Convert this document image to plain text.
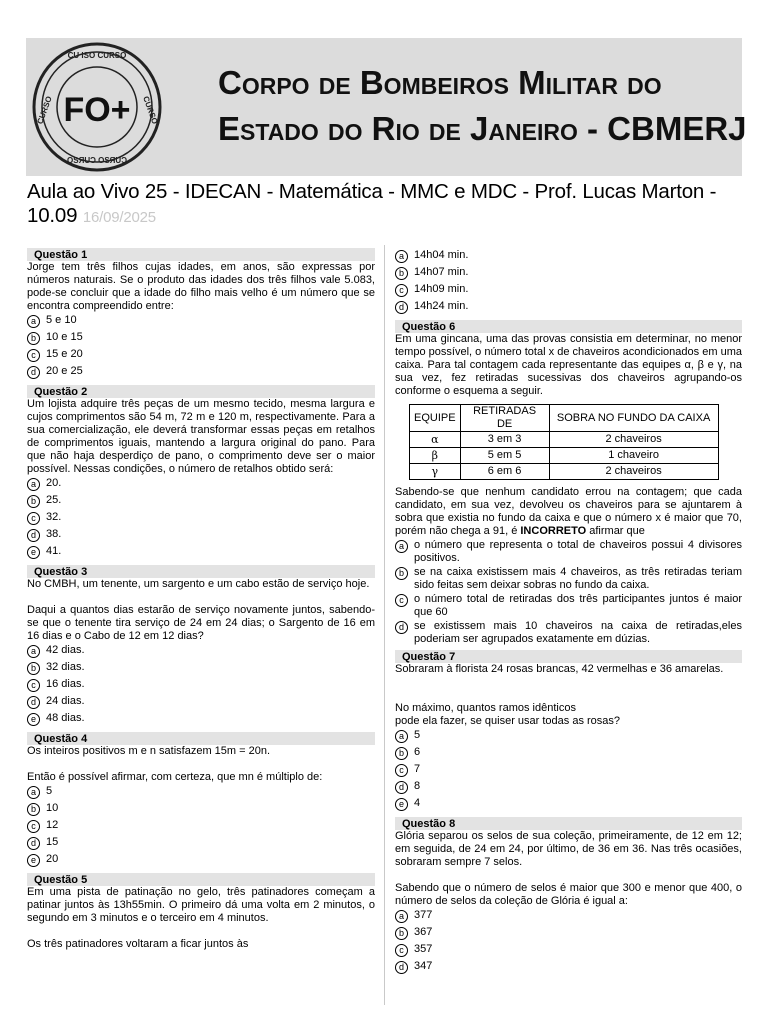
CU ISO CURSO
OSЯUƆ OSЯUƆ
CURSO	CURSO
FO+
Corpo de Bombeiros Militar do
Estado do Rio de Janeiro - CBMERJ
Aula ao Vivo 25 - IDECAN - Matemática - MMC e MDC - Prof. Lucas Marton - 10.09 16/09/2025
Questão 1

Jorge tem três filhos cujas idades, em anos, são expressas por números naturais. Se o produto das idades dos três filhos vale 5.083, pode-se concluir que a idade do filho mais velho é um número que se encontra compreendido entre:

a 5 e 10
b 10 e 15
c 15 e 20
d 20 e 25
Questão 2

Um lojista adquire três peças de um mesmo tecido, mesma largura e cujos comprimentos são 54 m, 72 m e 120 m, respectivamente. Para a sua comercialização, ele deverá transformar essas peças em retalhos de comprimentos iguais, mantendo a largura original do pano. Para que não haja desperdiço de pano, o comprimento deve ser o maior possível. Nessas condições, o número de retalhos obtido será:

a 20.
b 25.
c 32.
d 38.
e 41.
Questão 3

No CMBH, um tenente, um sargento e um cabo estão de serviço hoje.

Daqui a quantos dias estarão de serviço novamente juntos, sabendo-se que o tenente tira serviço de 24 em 24 dias; o Sargento de 16 em 16 dias e o Cabo de 12 em 12 dias?

a 42 dias.
b 32 dias.
c 16 dias.
d 24 dias.
e 48 dias.
Questão 4

Os inteiros positivos m e n satisfazem 15m = 20n.

Então é possível afirmar, com certeza, que mn é múltiplo de:

a 5
b 10
c 12
d 15
e 20
Questão 5

Em uma pista de patinação no gelo, três patinadores começam a patinar juntos às 13h55min. O primeiro dá uma volta em 2 minutos, o segundo em 3 minutos e o terceiro em 4 minutos.

Os três patinadores voltaram a ficar juntos às

a 14h04 min.
b 14h07 min.
c 14h09 min.
d 14h24 min.
Questão 6

Em uma gincana, uma das provas consistia em determinar, no menor tempo possível, o número total x de chaveiros acondicionados em uma caixa. Para tal contagem cada representante das equipes α, β e γ, na sua vez, fez retiradas sucessivas dos chaveiros agrupando-os conforme o esquema a seguir.

EQUIPE	RETIRADAS DE	SOBRA NO FUNDO DA CAIXA
α	3 em 3	2 chaveiros
β	5 em 5	1 chaveiro
γ	6 em 6	2 chaveiros

Sabendo-se que nenhum candidato errou na contagem; que cada candidato, em sua vez, devolveu os chaveiros para se ajuntarem à sobra que existia no fundo da caixa e que o número x é maior que 70, porém não chega a 91, é INCORRETO afirmar que

a o número que representa o total de chaveiros possui 4 divisores positivos.
b se na caixa existissem mais 4 chaveiros, as três retiradas teriam sido feitas sem deixar sobras no fundo da caixa.
c o número total de retiradas dos três participantes juntos é maior que 60
d se existissem mais 10 chaveiros na caixa de retiradas,eles poderiam ser agrupados exatamente em dúzias.
Questão 7

Sobraram à florista 24 rosas brancas, 42 vermelhas e 36 amarelas.

No máximo, quantos ramos idênticos

pode ela fazer, se quiser usar todas as rosas?

a 5
b 6
c 7
d 8
e 4
Questão 8

Glória separou os selos de sua coleção, primeiramente, de 12 em 12; em seguida, de 24 em 24, por último, de 36 em 36. Nas três ocasiões, sobraram sempre 7 selos.

Sabendo que o número de selos é maior que 300 e menor que 400, o número de selos da coleção de Glória é igual a:

a 377
b 367
c 357
d 347
